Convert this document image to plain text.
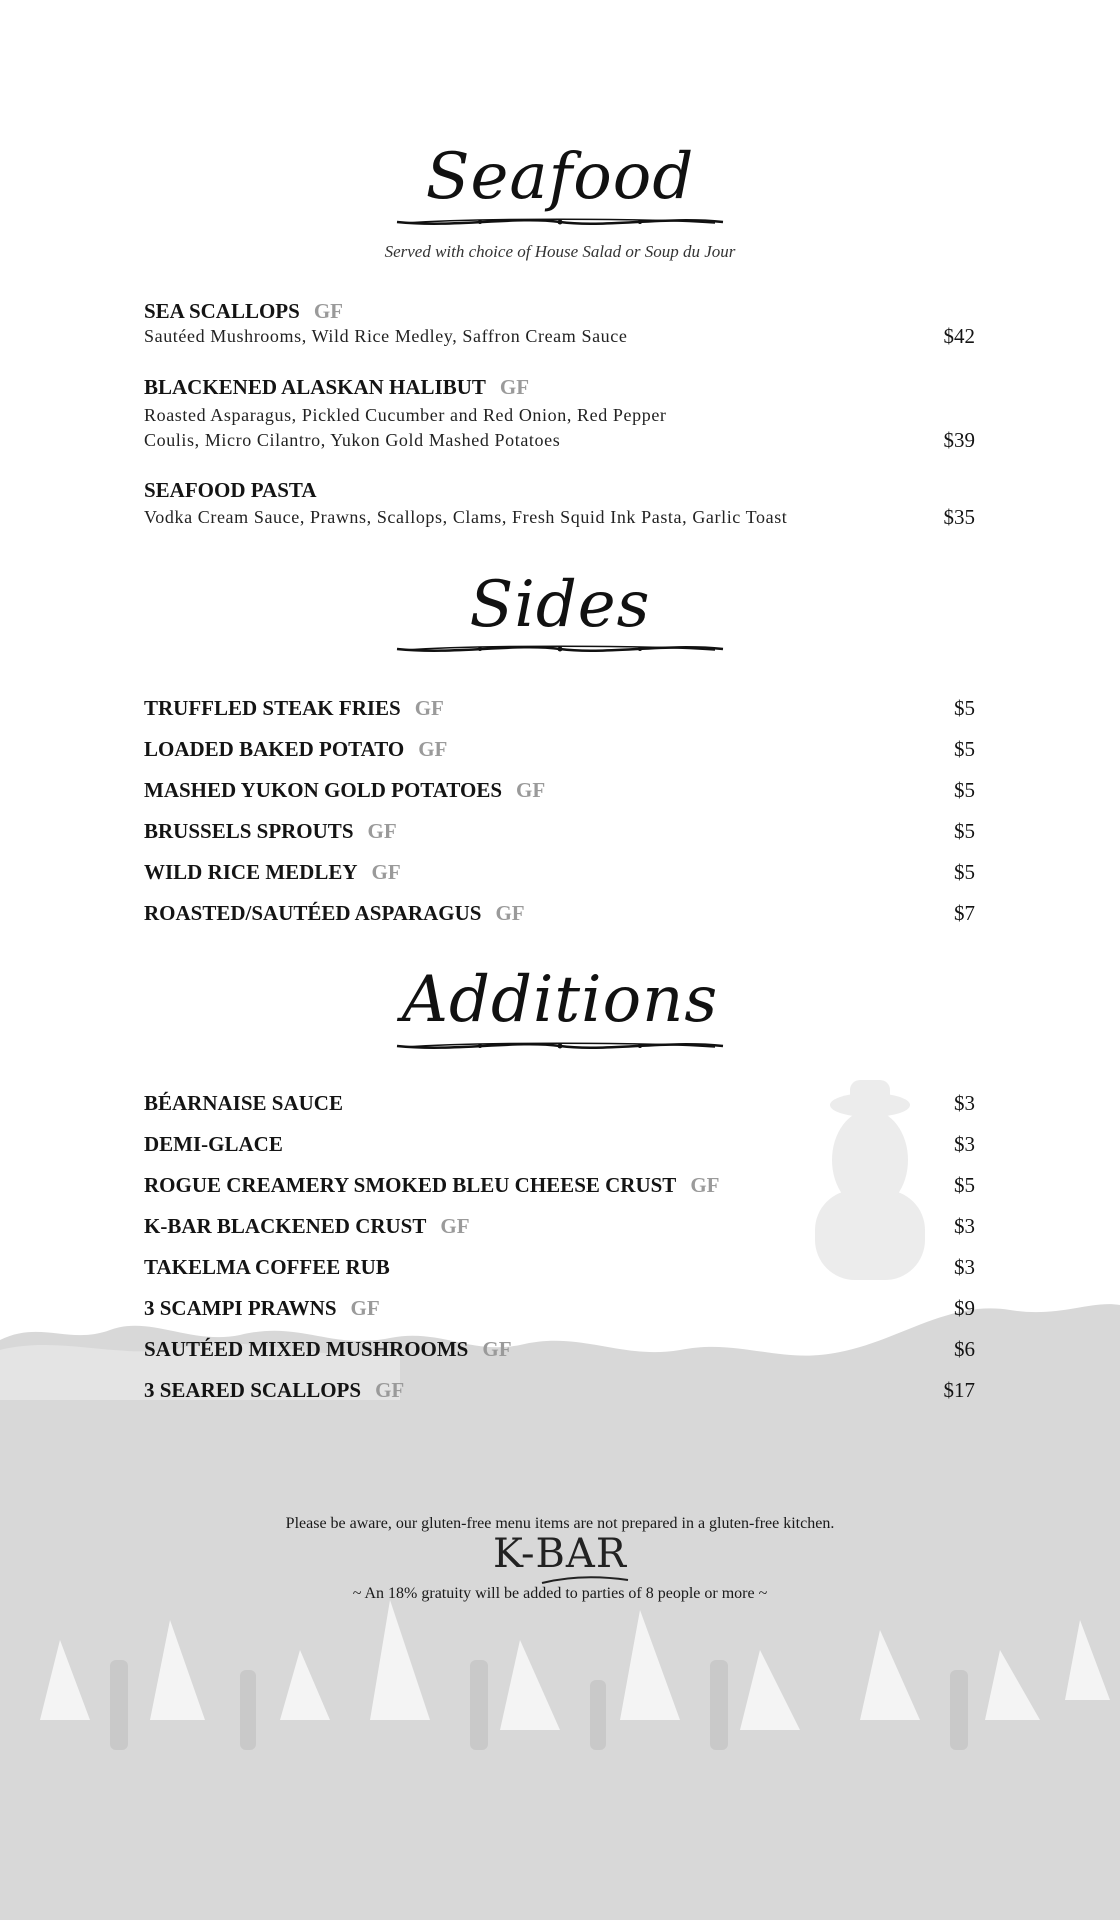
Seafood
Served with choice of House Salad or Soup du Jour
SEA SCALLOPS GF
Sautéed Mushrooms, Wild Rice Medley, Saffron Cream Sauce	$42
BLACKENED ALASKAN HALIBUT GF
Roasted Asparagus, Pickled Cucumber and Red Onion, Red Pepper
Coulis, Micro Cilantro, Yukon Gold Mashed Potatoes	$39
SEAFOOD PASTA
Vodka Cream Sauce, Prawns, Scallops, Clams, Fresh Squid Ink Pasta, Garlic Toast	$35
Sides
TRUFFLED STEAK FRIES GF	$5
LOADED BAKED POTATO GF	$5
MASHED YUKON GOLD POTATOES GF	$5
BRUSSELS SPROUTS GF	$5
WILD RICE MEDLEY GF	$5
ROASTED/SAUTÉED ASPARAGUS GF	$7
Additions
BÉARNAISE SAUCE	$3
DEMI-GLACE	$3
ROGUE CREAMERY SMOKED BLEU CHEESE CRUST GF	$5
K-BAR BLACKENED CRUST GF	$3
TAKELMA COFFEE RUB	$3
3 SCAMPI PRAWNS GF	$9
SAUTÉED MIXED MUSHROOMS GF	$6
3 SEARED SCALLOPS GF	$17
Please be aware, our gluten-free menu items are not prepared in a gluten-free kitchen.
K-BAR
~ An 18% gratuity will be added to parties of 8 people or more ~
